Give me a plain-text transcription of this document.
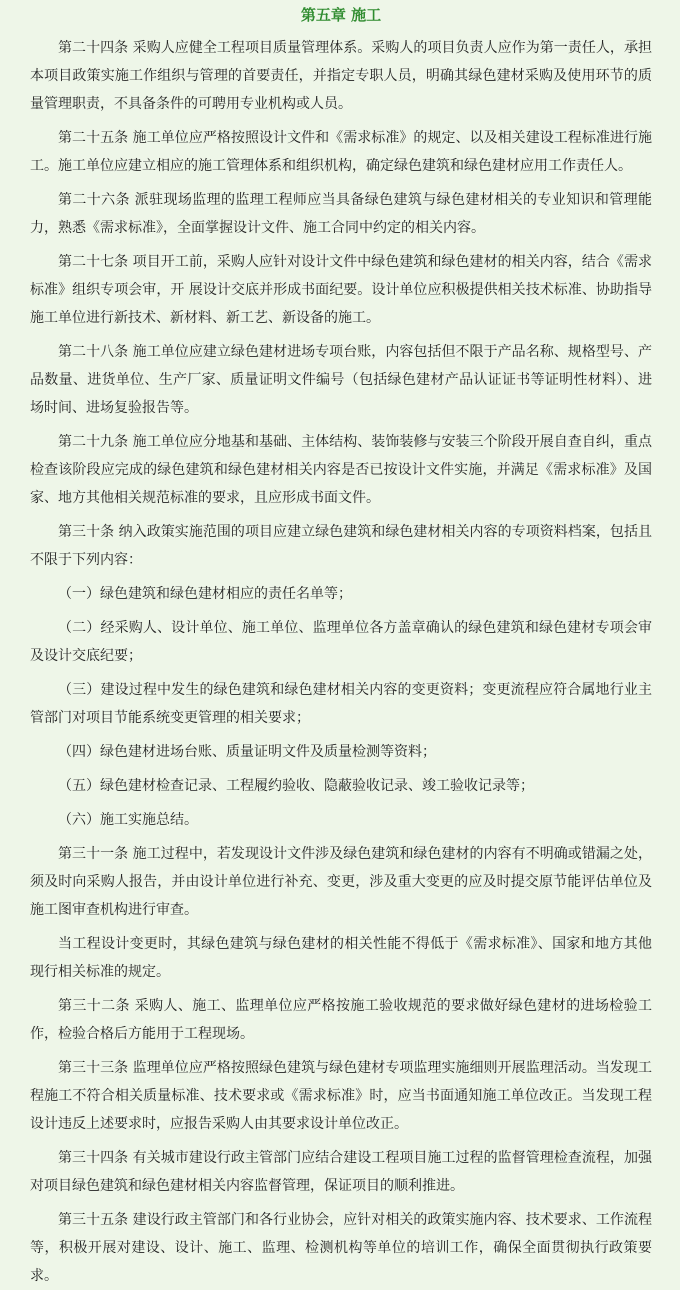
第五章 施工

第二十四条 采购人应健全工程项目质量管理体系。采购人的项目负责人应作为第一责任人，承担本项目政策实施工作组织与管理的首要责任，并指定专职人员，明确其绿色建材采购及使用环节的质量管理职责，不具备条件的可聘用专业机构或人员。

第二十五条 施工单位应严格按照设计文件和《需求标准》的规定、以及相关建设工程标准进行施工。施工单位应建立相应的施工管理体系和组织机构，确定绿色建筑和绿色建材应用工作责任人。

第二十六条 派驻现场监理的监理工程师应当具备绿色建筑与绿色建材相关的专业知识和管理能力，熟悉《需求标准》，全面掌握设计文件、施工合同中约定的相关内容。

第二十七条 项目开工前，采购人应针对设计文件中绿色建筑和绿色建材的相关内容，结合《需求标准》组织专项会审，开 展设计交底并形成书面纪要。设计单位应积极提供相关技术标准、协助指导施工单位进行新技术、新材料、新工艺、新设备的施工。

第二十八条 施工单位应建立绿色建材进场专项台账，内容包括但不限于产品名称、规格型号、产品数量、进货单位、生产厂家、质量证明文件编号（包括绿色建材产品认证证书等证明性材料）、进场时间、进场复验报告等。

第二十九条 施工单位应分地基和基础、主体结构、装饰装修与安装三个阶段开展自查自纠，重点检查该阶段应完成的绿色建筑和绿色建材相关内容是否已按设计文件实施，并满足《需求标准》及国家、地方其他相关规范标准的要求，且应形成书面文件。

第三十条 纳入政策实施范围的项目应建立绿色建筑和绿色建材相关内容的专项资料档案，包括且不限于下列内容：

（一）绿色建筑和绿色建材相应的责任名单等；

（二）经采购人、设计单位、施工单位、监理单位各方盖章确认的绿色建筑和绿色建材专项会审及设计交底纪要；

（三）建设过程中发生的绿色建筑和绿色建材相关内容的变更资料；变更流程应符合属地行业主管部门对项目节能系统变更管理的相关要求；

（四）绿色建材进场台账、质量证明文件及质量检测等资料；

（五）绿色建材检查记录、工程履约验收、隐蔽验收记录、竣工验收记录等；

（六）施工实施总结。

第三十一条 施工过程中，若发现设计文件涉及绿色建筑和绿色建材的内容有不明确或错漏之处，须及时向采购人报告，并由设计单位进行补充、变更，涉及重大变更的应及时提交原节能评估单位及施工图审查机构进行审查。

当工程设计变更时，其绿色建筑与绿色建材的相关性能不得低于《需求标准》、国家和地方其他现行相关标准的规定。

第三十二条 采购人、施工、监理单位应严格按施工验收规范的要求做好绿色建材的进场检验工作，检验合格后方能用于工程现场。

第三十三条 监理单位应严格按照绿色建筑与绿色建材专项监理实施细则开展监理活动。当发现工程施工不符合相关质量标准、技术要求或《需求标准》时，应当书面通知施工单位改正。当发现工程设计违反上述要求时，应报告采购人由其要求设计单位改正。

第三十四条 有关城市建设行政主管部门应结合建设工程项目施工过程的监督管理检查流程，加强对项目绿色建筑和绿色建材相关内容监督管理，保证项目的顺利推进。

第三十五条 建设行政主管部门和各行业协会，应针对相关的政策实施内容、技术要求、工作流程等，积极开展对建设、设计、施工、监理、检测机构等单位的培训工作，确保全面贯彻执行政策要求。
